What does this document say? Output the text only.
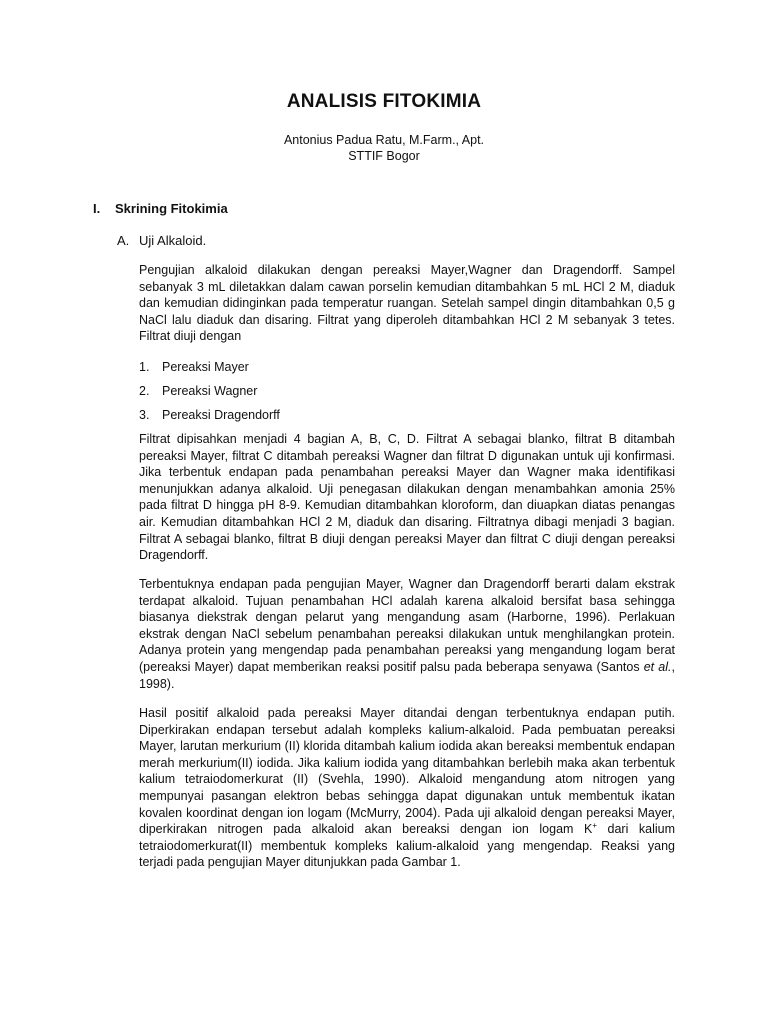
ANALISIS FITOKIMIA
Antonius Padua Ratu, M.Farm., Apt.
STTIF Bogor
I. Skrining Fitokimia
A. Uji Alkaloid.

Pengujian alkaloid dilakukan dengan pereaksi Mayer,Wagner dan Dragendorff. Sampel sebanyak 3 mL diletakkan dalam cawan porselin kemudian ditambahkan 5 mL HCl 2 M, diaduk dan kemudian didinginkan pada temperatur ruangan. Setelah sampel dingin ditambahkan 0,5 g NaCl lalu diaduk dan disaring. Filtrat yang diperoleh ditambahkan HCl 2 M sebanyak 3 tetes. Filtrat diuji dengan

1. Pereaksi Mayer
2. Pereaksi Wagner
3. Pereaksi Dragendorff

Filtrat dipisahkan menjadi 4 bagian A, B, C, D. Filtrat A sebagai blanko, filtrat B ditambah pereaksi Mayer, filtrat C ditambah pereaksi Wagner dan filtrat D digunakan untuk uji konfirmasi. Jika terbentuk endapan pada penambahan pereaksi Mayer dan Wagner maka identifikasi menunjukkan adanya alkaloid. Uji penegasan dilakukan dengan menambahkan amonia 25% pada filtrat D hingga pH 8-9. Kemudian ditambahkan kloroform, dan diuapkan diatas penangas air. Kemudian ditambahkan HCl 2 M, diaduk dan disaring. Filtratnya dibagi menjadi 3 bagian. Filtrat A sebagai blanko, filtrat B diuji dengan pereaksi Mayer dan filtrat C diuji dengan pereaksi Dragendorff.

Terbentuknya endapan pada pengujian Mayer, Wagner dan Dragendorff berarti dalam ekstrak terdapat alkaloid. Tujuan penambahan HCl adalah karena alkaloid bersifat basa sehingga biasanya diekstrak dengan pelarut yang mengandung asam (Harborne, 1996). Perlakuan ekstrak dengan NaCl sebelum penambahan pereaksi dilakukan untuk menghilangkan protein. Adanya protein yang mengendap pada penambahan pereaksi yang mengandung logam berat (pereaksi Mayer) dapat memberikan reaksi positif palsu pada beberapa senyawa (Santos et al., 1998).

Hasil positif alkaloid pada pereaksi Mayer ditandai dengan terbentuknya endapan putih. Diperkirakan endapan tersebut adalah kompleks kalium-alkaloid. Pada pembuatan pereaksi Mayer, larutan merkurium (II) klorida ditambah kalium iodida akan bereaksi membentuk endapan merah merkurium(II) iodida. Jika kalium iodida yang ditambahkan berlebih maka akan terbentuk kalium tetraiodomerkurat (II) (Svehla, 1990). Alkaloid mengandung atom nitrogen yang mempunyai pasangan elektron bebas sehingga dapat digunakan untuk membentuk ikatan kovalen koordinat dengan ion logam (McMurry, 2004). Pada uji alkaloid dengan pereaksi Mayer, diperkirakan nitrogen pada alkaloid akan bereaksi dengan ion logam K+ dari kalium tetraiodomerkurat(II) membentuk kompleks kalium-alkaloid yang mengendap. Reaksi yang terjadi pada pengujian Mayer ditunjukkan pada Gambar 1.
